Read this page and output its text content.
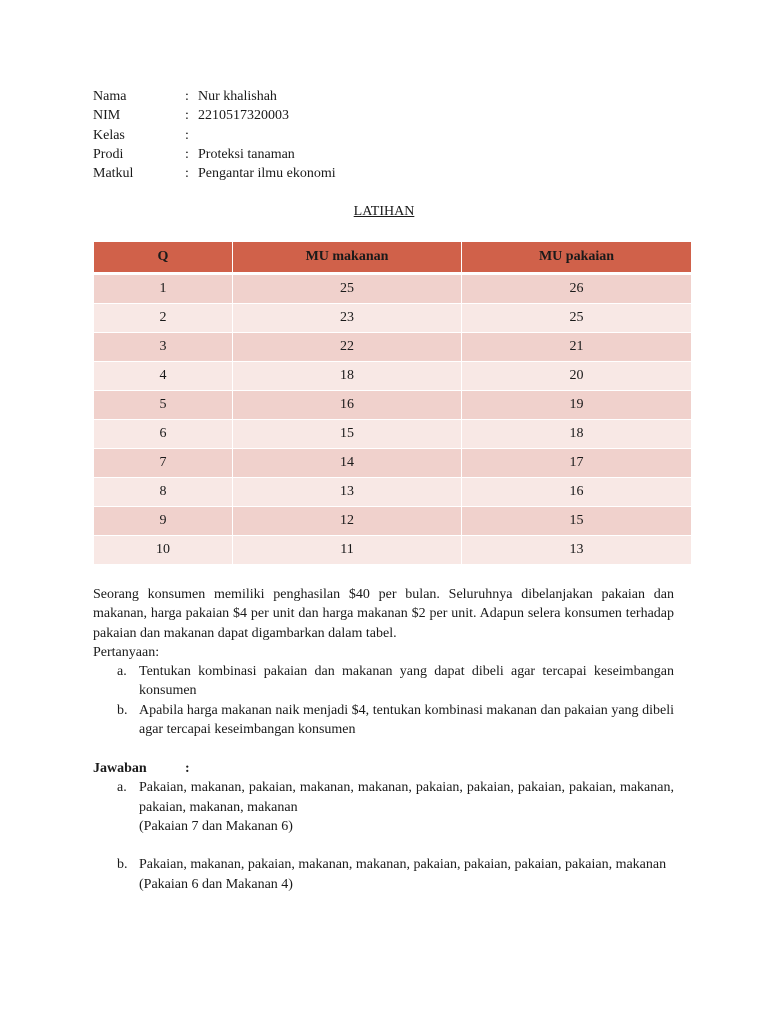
Nama	: Nur khalishah
NIM	: 2210517320003
Kelas	:
Prodi	: Proteksi tanaman
Matkul	: Pengantar ilmu ekonomi
LATIHAN
Q	MU makanan	MU pakaian
1	25	26
2	23	25
3	22	21
4	18	20
5	16	19
6	15	18
7	14	17
8	13	16
9	12	15
10	11	13

Seorang konsumen memiliki penghasilan $40 per bulan. Seluruhnya dibelanjakan pakaian dan makanan, harga pakaian $4 per unit dan harga makanan $2 per unit. Adapun selera konsumen terhadap pakaian dan makanan dapat digambarkan dalam tabel.

Pertanyaan:

a. Tentukan kombinasi pakaian dan makanan yang dapat dibeli agar tercapai keseimbangan konsumen
b. Apabila harga makanan naik menjadi $4, tentukan kombinasi makanan dan pakaian yang dibeli agar tercapai keseimbangan konsumen
Jawaban	:
a. Pakaian, makanan, pakaian, makanan, makanan, pakaian, pakaian, pakaian, pakaian, makanan, pakaian, makanan, makanan
(Pakaian 7 dan Makanan 6)
b. Pakaian, makanan, pakaian, makanan, makanan, pakaian, pakaian, pakaian, pakaian, makanan
(Pakaian 6 dan Makanan 4)
